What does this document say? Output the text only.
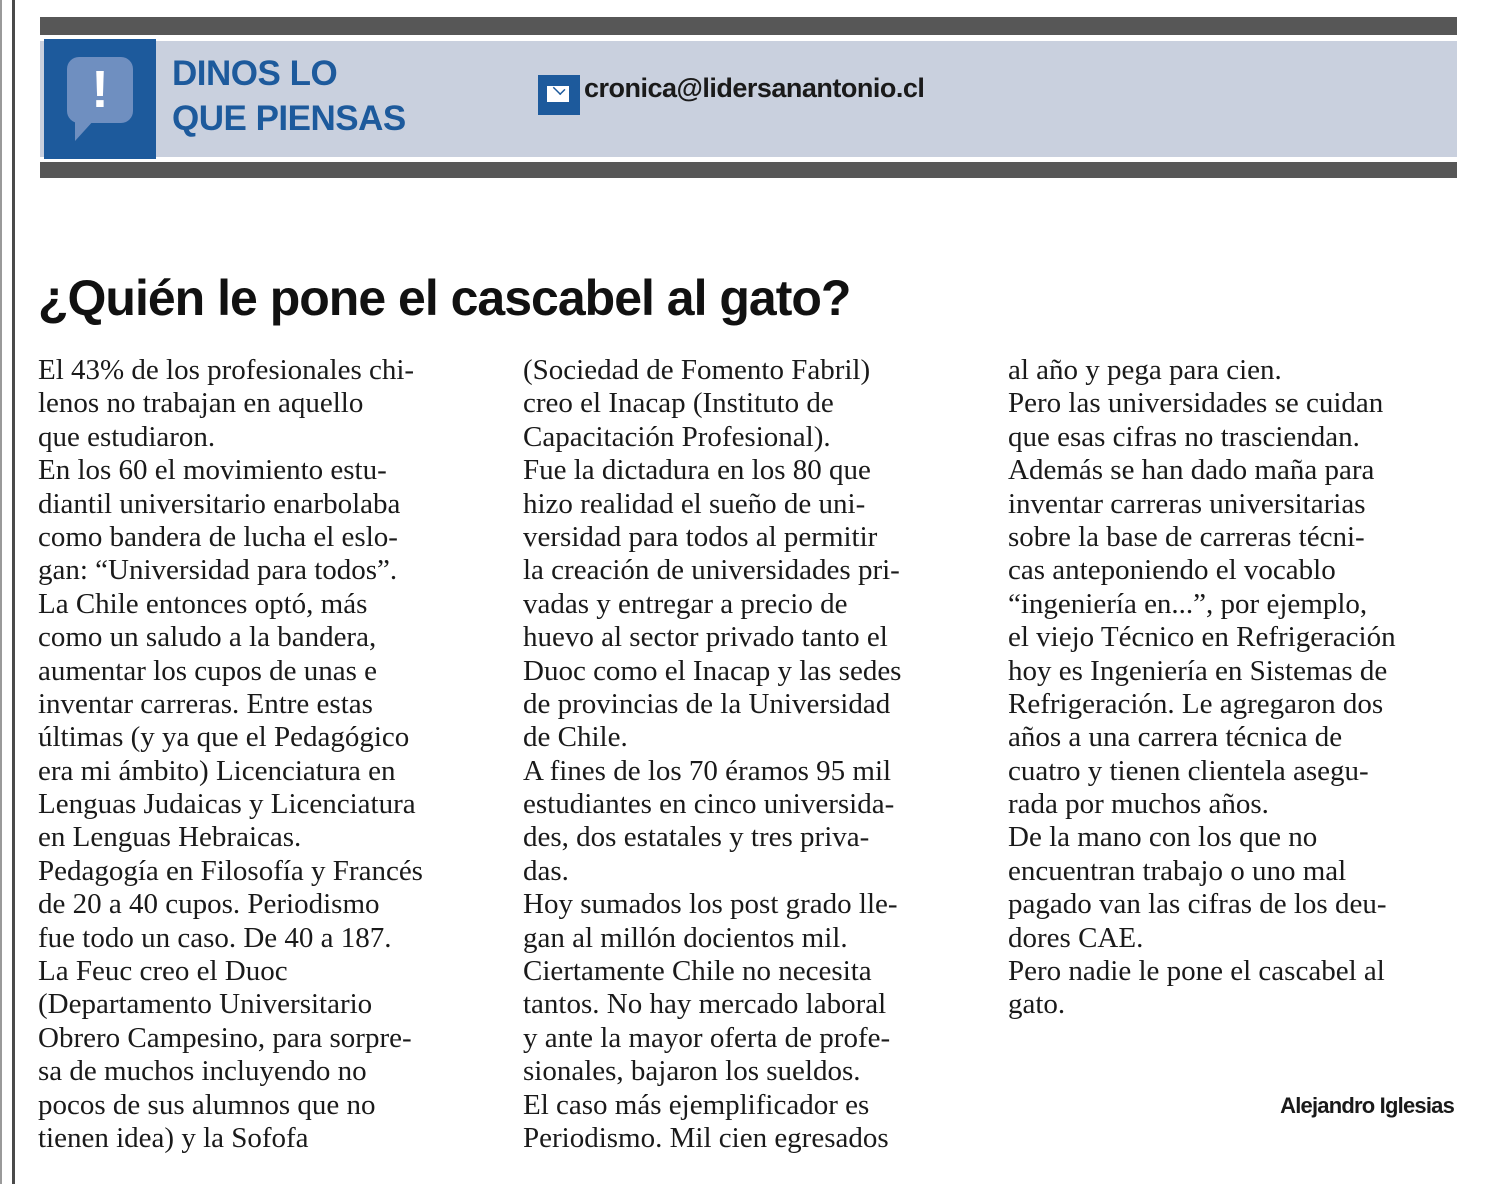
!	DINOS LO
QUE PIENSAS
cronica@lidersanantonio.cl
¿Quién le pone el cascabel al gato?
El 43% de los profesionales chi-
lenos no trabajan en aquello
que estudiaron.
En los 60 el movimiento estu-
diantil universitario enarbolaba
como bandera de lucha el eslo-
gan: “Universidad para todos”.
La Chile entonces optó, más
como un saludo a la bandera,
aumentar los cupos de unas e
inventar carreras. Entre estas
últimas (y ya que el Pedagógico
era mi ámbito) Licenciatura en
Lenguas Judaicas y Licenciatura
en Lenguas Hebraicas.
Pedagogía en Filosofía y Francés
de 20 a 40 cupos. Periodismo
fue todo un caso. De 40 a 187.
La Feuc creo el Duoc
(Departamento Universitario
Obrero Campesino, para sorpre-
sa de muchos incluyendo no
pocos de sus alumnos que no
tienen idea) y la Sofofa
(Sociedad de Fomento Fabril)
creo el Inacap (Instituto de
Capacitación Profesional).
Fue la dictadura en los 80 que
hizo realidad el sueño de uni-
versidad para todos al permitir
la creación de universidades pri-
vadas y entregar a precio de
huevo al sector privado tanto el
Duoc como el Inacap y las sedes
de provincias de la Universidad
de Chile.
A fines de los 70 éramos 95 mil
estudiantes en cinco universida-
des, dos estatales y tres priva-
das.
Hoy sumados los post grado lle-
gan al millón docientos mil.
Ciertamente Chile no necesita
tantos. No hay mercado laboral
y ante la mayor oferta de profe-
sionales, bajaron los sueldos.
El caso más ejemplificador es
Periodismo. Mil cien egresados
al año y pega para cien.
Pero las universidades se cuidan
que esas cifras no trasciendan.
Además se han dado maña para
inventar carreras universitarias
sobre la base de carreras técni-
cas anteponiendo el vocablo
“ingeniería en...”, por ejemplo,
el viejo Técnico en Refrigeración
hoy es Ingeniería en Sistemas de
Refrigeración. Le agregaron dos
años a una carrera técnica de
cuatro y tienen clientela asegu-
rada por muchos años.
De la mano con los que no
encuentran trabajo o uno mal
pagado van las cifras de los deu-
dores CAE.
Pero nadie le pone el cascabel al
gato.
Alejandro Iglesias
